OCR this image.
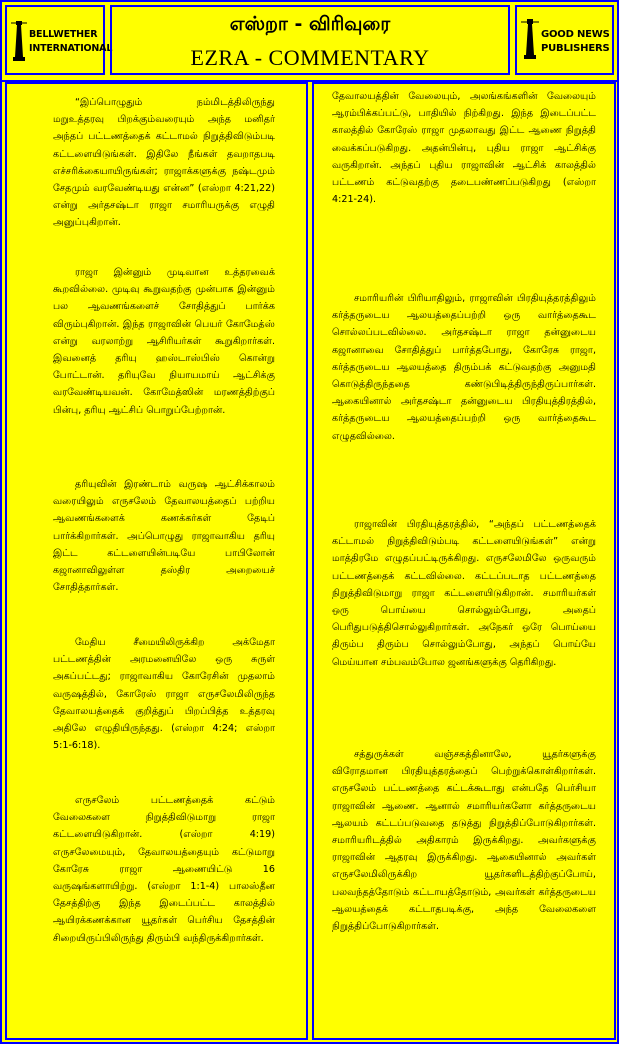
BELLWETHER
INTERNATIONAL
எஸ்றா - விரிவுரை
EZRA - COMMENTARY
GOOD NEWS
PUBLISHERS

“இப்பொழுதும் நம்மிடத்திலிருந்து மறுஉத்தரவு பிறக்கும்வரையும் அந்த மனிதர் அந்தப் பட்டணத்தைக் கட்டாமல் நிறுத்திவிடும்படி கட்டளையிடுங்கள். இதிலே நீங்கள் தவறாதபடி எச்சரிக்கையாயிருங்கள்; ராஜாக்களுக்கு நஷ்டமும் சேதமும் வரவேண்டியது என்ன” (எஸ்றா 4:21,22) என்று அர்தசஷ்டா ராஜா சமாரியருக்கு எழுதி அனுப்புகிறான்.

ராஜா இன்னும் முடிவான உத்தரவைக் கூறவில்லை. முடிவு கூறுவதற்கு முன்பாக இன்னும் பல ஆவணங்களைச் சோதித்துப் பார்க்க விரும்புகிறான். இந்த ராஜாவின் பெயர் கோமேத்ஸ் என்று வரலாற்று ஆசிரியர்கள் கூறுகிறார்கள். இவனைத் தரியு ஹஸ்டாஸ்பிஸ் கொன்று போட்டான். தரியுவே நியாயமாய் ஆட்சிக்கு வரவேண்டியவன். கோமேத்ஸின் மரணத்திற்குப் பின்பு, தரியு ஆட்சிப் பொறுப்பேற்றான்.

தரியுவின் இரண்டாம் வருஷ ஆட்சிக்காலம் வரையிலும் எருசலேம் தேவாலயத்தைப் பற்றிய ஆவணங்களைக் கணக்கர்கள் தேடிப் பார்க்கிறார்கள். அப்பொழுது ராஜாவாகிய தரியு இட்ட கட்டளையின்படியே பாபிலோன் கஜானாவிலுள்ள தஸ்திர அறையைச் சோதித்தார்கள்.

மேதிய சீமையிலிருக்கிற அக்மேதா பட்டணத்தின் அரமனையிலே ஒரு சுருள் அகப்பட்டது; ராஜாவாகிய கோரேசின் முதலாம் வருஷத்தில், கோரேஸ் ராஜா எருசலேமிலிருந்த தேவாலயத்தைக் குறித்துப் பிறப்பித்த உத்தரவு அதிலே எழுதியிருந்தது. (எஸ்றா 4:24; எஸ்றா 5:1-6:18).

எருசலேம் பட்டணத்தைக் கட்டும் வேலைகளை நிறுத்திவிடுமாறு ராஜா கட்டளையிடுகிறான். (எஸ்றா 4:19) எருசலேமையும், தேவாலயத்தையும் கட்டுமாறு கோரேசு ராஜா ஆணையிட்டு 16 வருஷங்களாயிற்று. (எஸ்றா 1:1-4) பாலஸ்தீன தேசத்திற்கு இந்த இடைப்பட்ட காலத்தில் ஆயிரக்கணக்கான யூதர்கள் பெர்சிய தேசத்தின் சிறையிருப்பிலிருந்து திரும்பி வந்திருக்கிறார்கள்.

தேவாலயத்தின் வேலையும், அலங்கங்களின் வேலையும் ஆரம்பிக்கப்பட்டு, பாதியில் நிற்கிறது. இந்த இடைப்பட்ட காலத்தில் கோரேஸ் ராஜா முதலாவது இட்ட ஆணை நிறுத்தி வைக்கப்படுகிறது. அதன்பின்பு, புதிய ராஜா ஆட்சிக்கு வருகிறான். அந்தப் புதிய ராஜாவின் ஆட்சிக் காலத்தில் பட்டணம் கட்டுவதற்கு தடைபண்ணப்படுகிறது (எஸ்றா 4:21-24).

சமாரியரின் பிரியாதிலும், ராஜாவின் பிரதியுத்தரத்திலும் கர்த்தருடைய ஆலயத்தைப்பற்றி ஒரு வார்த்தைகூட சொல்லப்படவில்லை. அர்தசஷ்டா ராஜா தன்னுடைய கஜானாவை சோதித்துப் பார்த்தபோது, கோரேசு ராஜா, கர்த்தருடைய ஆலயத்தை திரும்பக் கட்டுவதற்கு அனுமதி கொடுத்திருந்ததை கண்டுபிடித்திருந்திருப்பார்கள். ஆகையினால் அர்தசஷ்டா தன்னுடைய பிரதியுத்திரத்தில், கர்த்தருடைய ஆலயத்தைப்பற்றி ஒரு வார்த்தைகூட எழுதவில்லை.

ராஜாவின் பிரதியுத்தரத்தில், “அந்தப் பட்டணத்தைக் கட்டாமல் நிறுத்திவிடும்படி கட்டளையிடுங்கள்” என்று மாத்திரமே எழுதப்பட்டிருக்கிறது. எருசலேமிலே ஒருவரும் பட்டணத்தைக் கட்டவில்லை. கட்டப்படாத பட்டணத்தை நிறுத்திவிடுமாறு ராஜா கட்டளையிடுகிறான். சமாரியர்கள் ஒரு பொய்யை சொல்லும்போது, அதைப் பெரிதுபடுத்திசொல்லுகிறார்கள். அநேகர் ஒரே பொய்யை திரும்ப திரும்ப சொல்லும்போது, அந்தப் பொய்யே மெய்யான சம்பவம்போல ஜனங்களுக்கு தெரிகிறது.

சத்துருக்கள் வஞ்சகத்தினாலே, யூதர்களுக்கு விரோதமான பிரதியுத்தரத்தைப் பெற்றுக்கொள்கிறார்கள். எருசலேம் பட்டணத்தை கட்டக்கூடாது என்பதே பெர்சியா ராஜாவின் ஆணை. ஆனால் சமாரியர்களோ கர்த்தருடைய ஆலயம் கட்டப்படுவதை தடுத்து நிறுத்திப்போடுகிறார்கள். சமாரியரிடத்தில் அதிகாரம் இருக்கிறது. அவர்களுக்கு ராஜாவின் ஆதரவு இருக்கிறது. ஆகையினால் அவர்கள் எருசலேமிலிருக்கிற யூதர்களிடத்திற்குப்போய், பலவந்தத்தோடும் கட்டாயத்தோடும், அவர்கள் கர்த்தருடைய ஆலயத்தைக் கட்டாதபடிக்கு, அந்த வேலைகளை நிறுத்திப்போடுகிறார்கள்.
